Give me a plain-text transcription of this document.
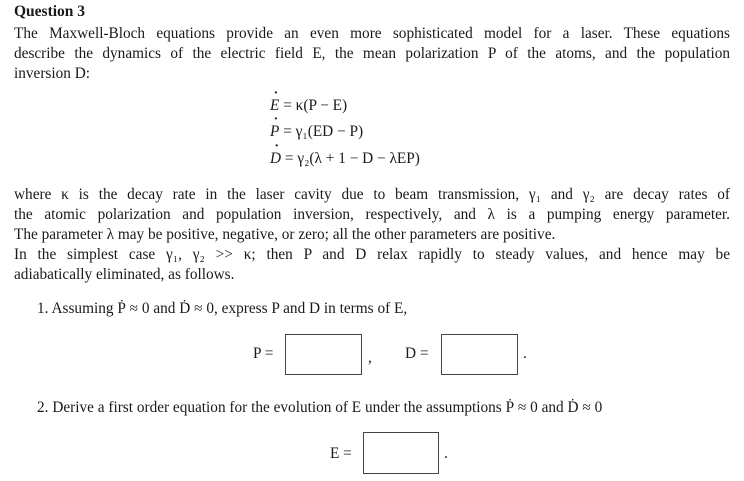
Question 3
The Maxwell-Bloch equations provide an even more sophisticated model for a laser. These equations
describe the dynamics of the electric field E, the mean polarization P of the atoms, and the population
inversion D:
· E = κ(P − E)
· P = γ₁(ED − P)
· D = γ₂(λ + 1 − D − λEP)
where κ is the decay rate in the laser cavity due to beam transmission, γ₁ and γ₂ are decay rates of
the atomic polarization and population inversion, respectively, and λ is a pumping energy parameter.
The parameter λ may be positive, negative, or zero; all the other parameters are positive.
In the simplest case γ₁, γ₂ >> κ; then P and D relax rapidly to steady values, and hence may be
adiabatically eliminated, as follows.
1. Assuming Ṗ ≈ 0 and Ḋ ≈ 0, express P and D in terms of E,
P =	, D =	.
2. Derive a first order equation for the evolution of E under the assumptions Ṗ ≈ 0 and Ḋ ≈ 0
E =	.
